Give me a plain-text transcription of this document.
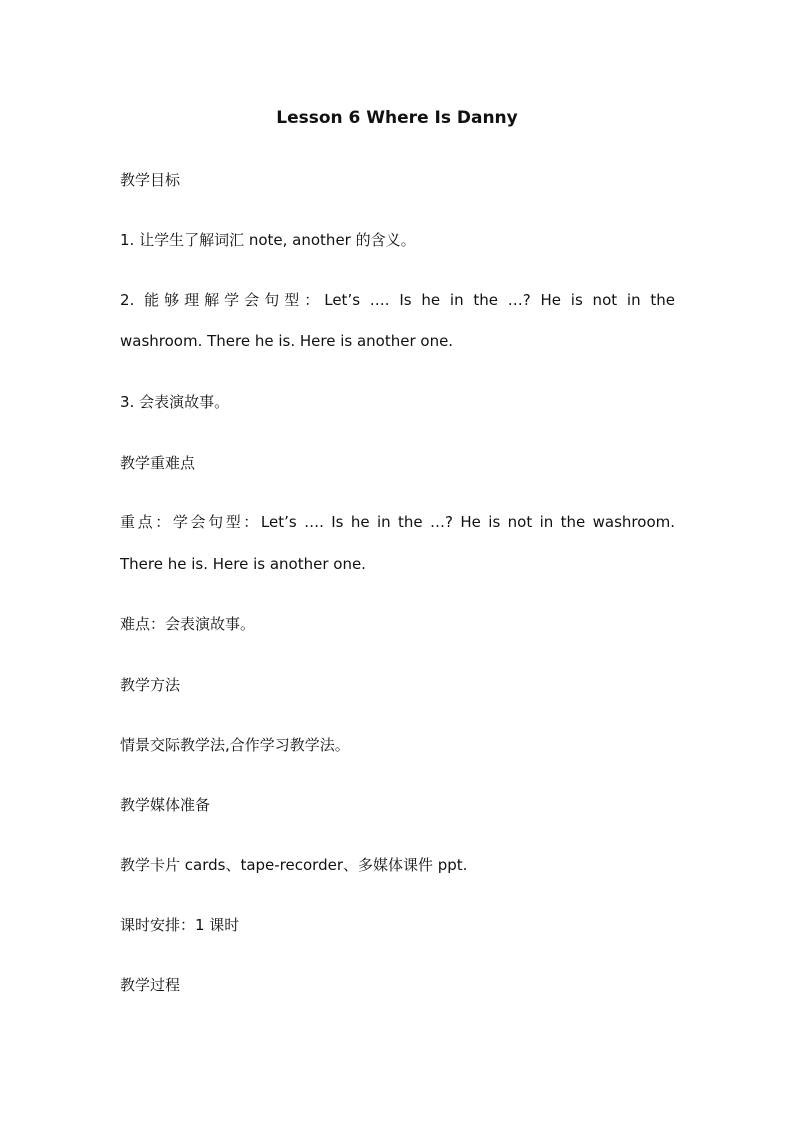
Lesson 6 Where Is Danny

教学目标

1. 让学生了解词汇 note, another 的含义。

2. 能够理解学会句型：Let’s …. Is he in the …? He is not in the

washroom. There he is. Here is another one.

3. 会表演故事。

教学重难点

重点：学会句型：Let’s …. Is he in the …? He is not in the washroom.

There he is. Here is another one.

难点：会表演故事。

教学方法

情景交际教学法,合作学习教学法。

教学媒体准备

教学卡片 cards、tape-recorder、多媒体课件 ppt.

课时安排：1 课时

教学过程
